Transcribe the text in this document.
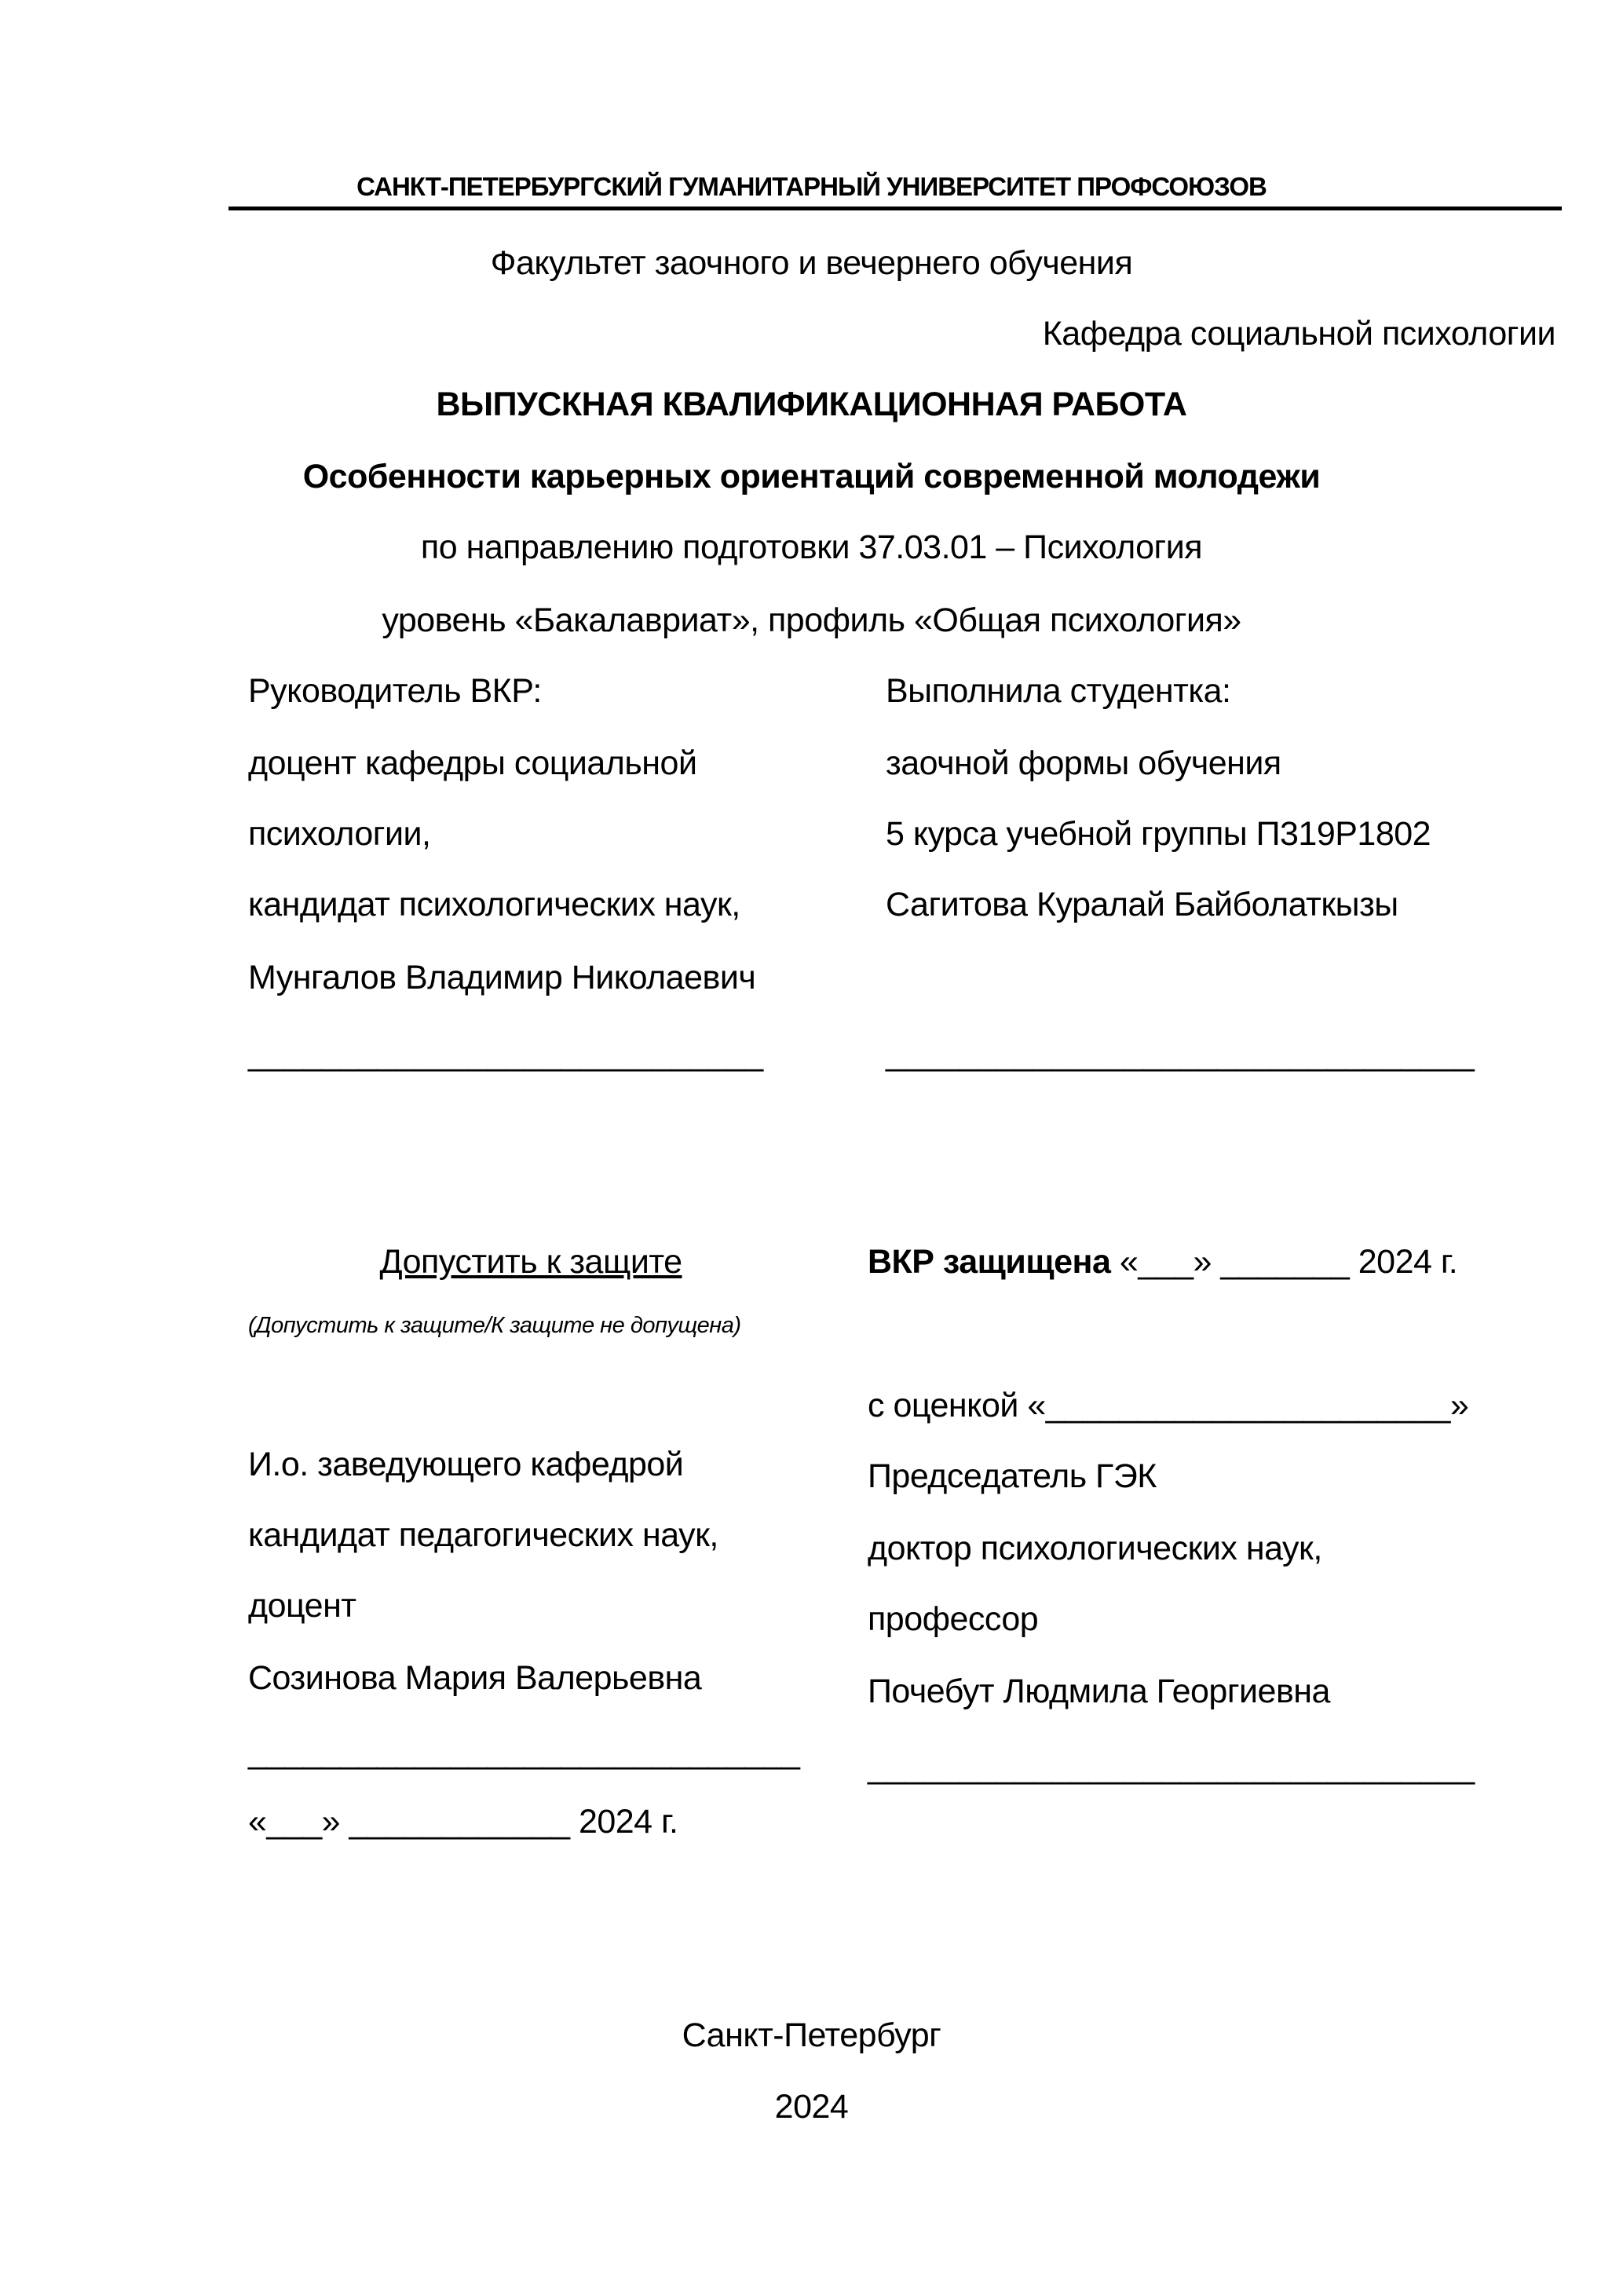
САНКТ-ПЕТЕРБУРГСКИЙ ГУМАНИТАРНЫЙ УНИВЕРСИТЕТ ПРОФСОЮЗОВ
Факультет заочного и вечернего обучения
Кафедра социальной психологии
ВЫПУСКНАЯ КВАЛИФИКАЦИОННАЯ РАБОТА
Особенности карьерных ориентаций современной молодежи
по направлению подготовки 37.03.01 – Психология
уровень «Бакалавриат», профиль «Общая психология»
Руководитель ВКР:
доцент кафедры социальной
психологии,
кандидат психологических наук,
Мунгалов Владимир Николаевич
____________________________
Выполнила студентка:
заочной формы обучения
5 курса учебной группы П319Р1802
Сагитова Куралай Байболаткызы
________________________________
Допустить к защите
(Допустить к защите/К защите не допущена)
И.о. заведующего кафедрой
кандидат педагогических наук,
доцент
Созинова Мария Валерьевна
______________________________
«___» ____________ 2024 г.
ВКР защищена «___» _______ 2024 г.
с оценкой «______________________»
Председатель ГЭК
доктор психологических наук,
профессор
Почебут Людмила Георгиевна
_________________________________
Санкт-Петербург
2024
